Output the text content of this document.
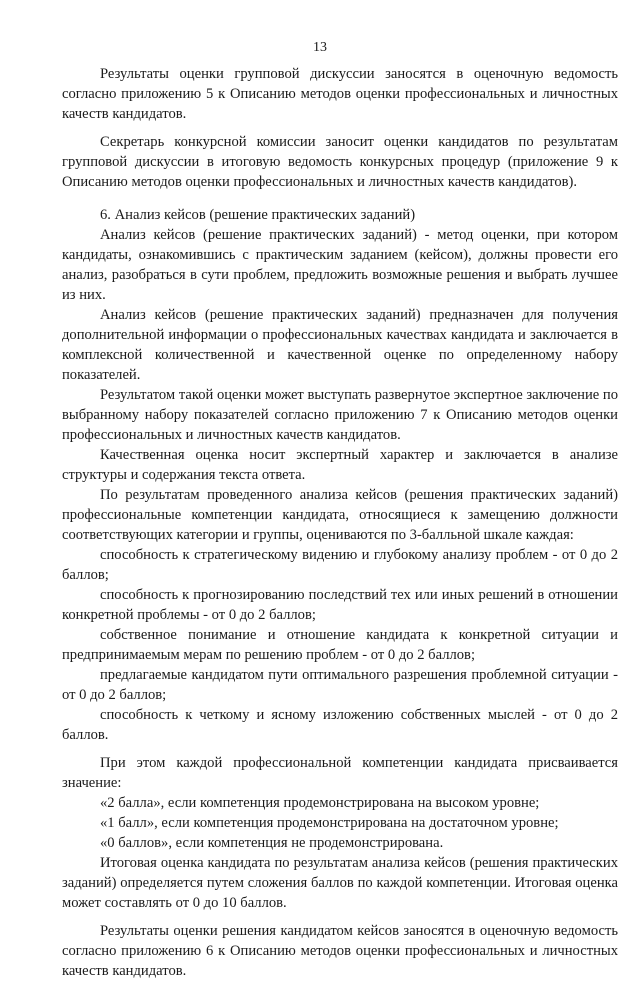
13

Результаты оценки групповой дискуссии заносятся в оценочную ведомость согласно приложению 5 к Описанию методов оценки профессиональных и личностных качеств кандидатов.

Секретарь конкурсной комиссии заносит оценки кандидатов по результатам групповой дискуссии в итоговую ведомость конкурсных процедур (приложение 9 к Описанию методов оценки профессиональных и личностных качеств кандидатов).

6. Анализ кейсов (решение практических заданий)

Анализ кейсов (решение практических заданий) - метод оценки, при котором кандидаты, ознакомившись с практическим заданием (кейсом), должны провести его анализ, разобраться в сути проблем, предложить возможные решения и выбрать лучшее из них.

Анализ кейсов (решение практических заданий) предназначен для получения дополнительной информации о профессиональных качествах кандидата и заключается в комплексной количественной и качественной оценке по определенному набору показателей.

Результатом такой оценки может выступать развернутое экспертное заключение по выбранному набору показателей согласно приложению 7 к Описанию методов оценки профессиональных и личностных качеств кандидатов.

Качественная оценка носит экспертный характер и заключается в анализе структуры и содержания текста ответа.

По результатам проведенного анализа кейсов (решения практических заданий) профессиональные компетенции кандидата, относящиеся к замещению должности соответствующих категории и группы, оцениваются по 3-балльной шкале каждая:

способность к стратегическому видению и глубокому анализу проблем - от 0 до 2 баллов;

способность к прогнозированию последствий тех или иных решений в отношении конкретной проблемы - от 0 до 2 баллов;

собственное понимание и отношение кандидата к конкретной ситуации и предпринимаемым мерам по решению проблем - от 0 до 2 баллов;

предлагаемые кандидатом пути оптимального разрешения проблемной ситуации - от 0 до 2 баллов;

способность к четкому и ясному изложению собственных мыслей - от 0 до 2 баллов.

При этом каждой профессиональной компетенции кандидата присваивается значение:

«2 балла», если компетенция продемонстрирована на высоком уровне;

«1 балл», если компетенция продемонстрирована на достаточном уровне;

«0 баллов», если компетенция не продемонстрирована.

Итоговая оценка кандидата по результатам анализа кейсов (решения практических заданий) определяется путем сложения баллов по каждой компетенции. Итоговая оценка может составлять от 0 до 10 баллов.

Результаты оценки решения кандидатом кейсов заносятся в оценочную ведомость согласно приложению 6 к Описанию методов оценки профессиональных и личностных качеств кандидатов.
